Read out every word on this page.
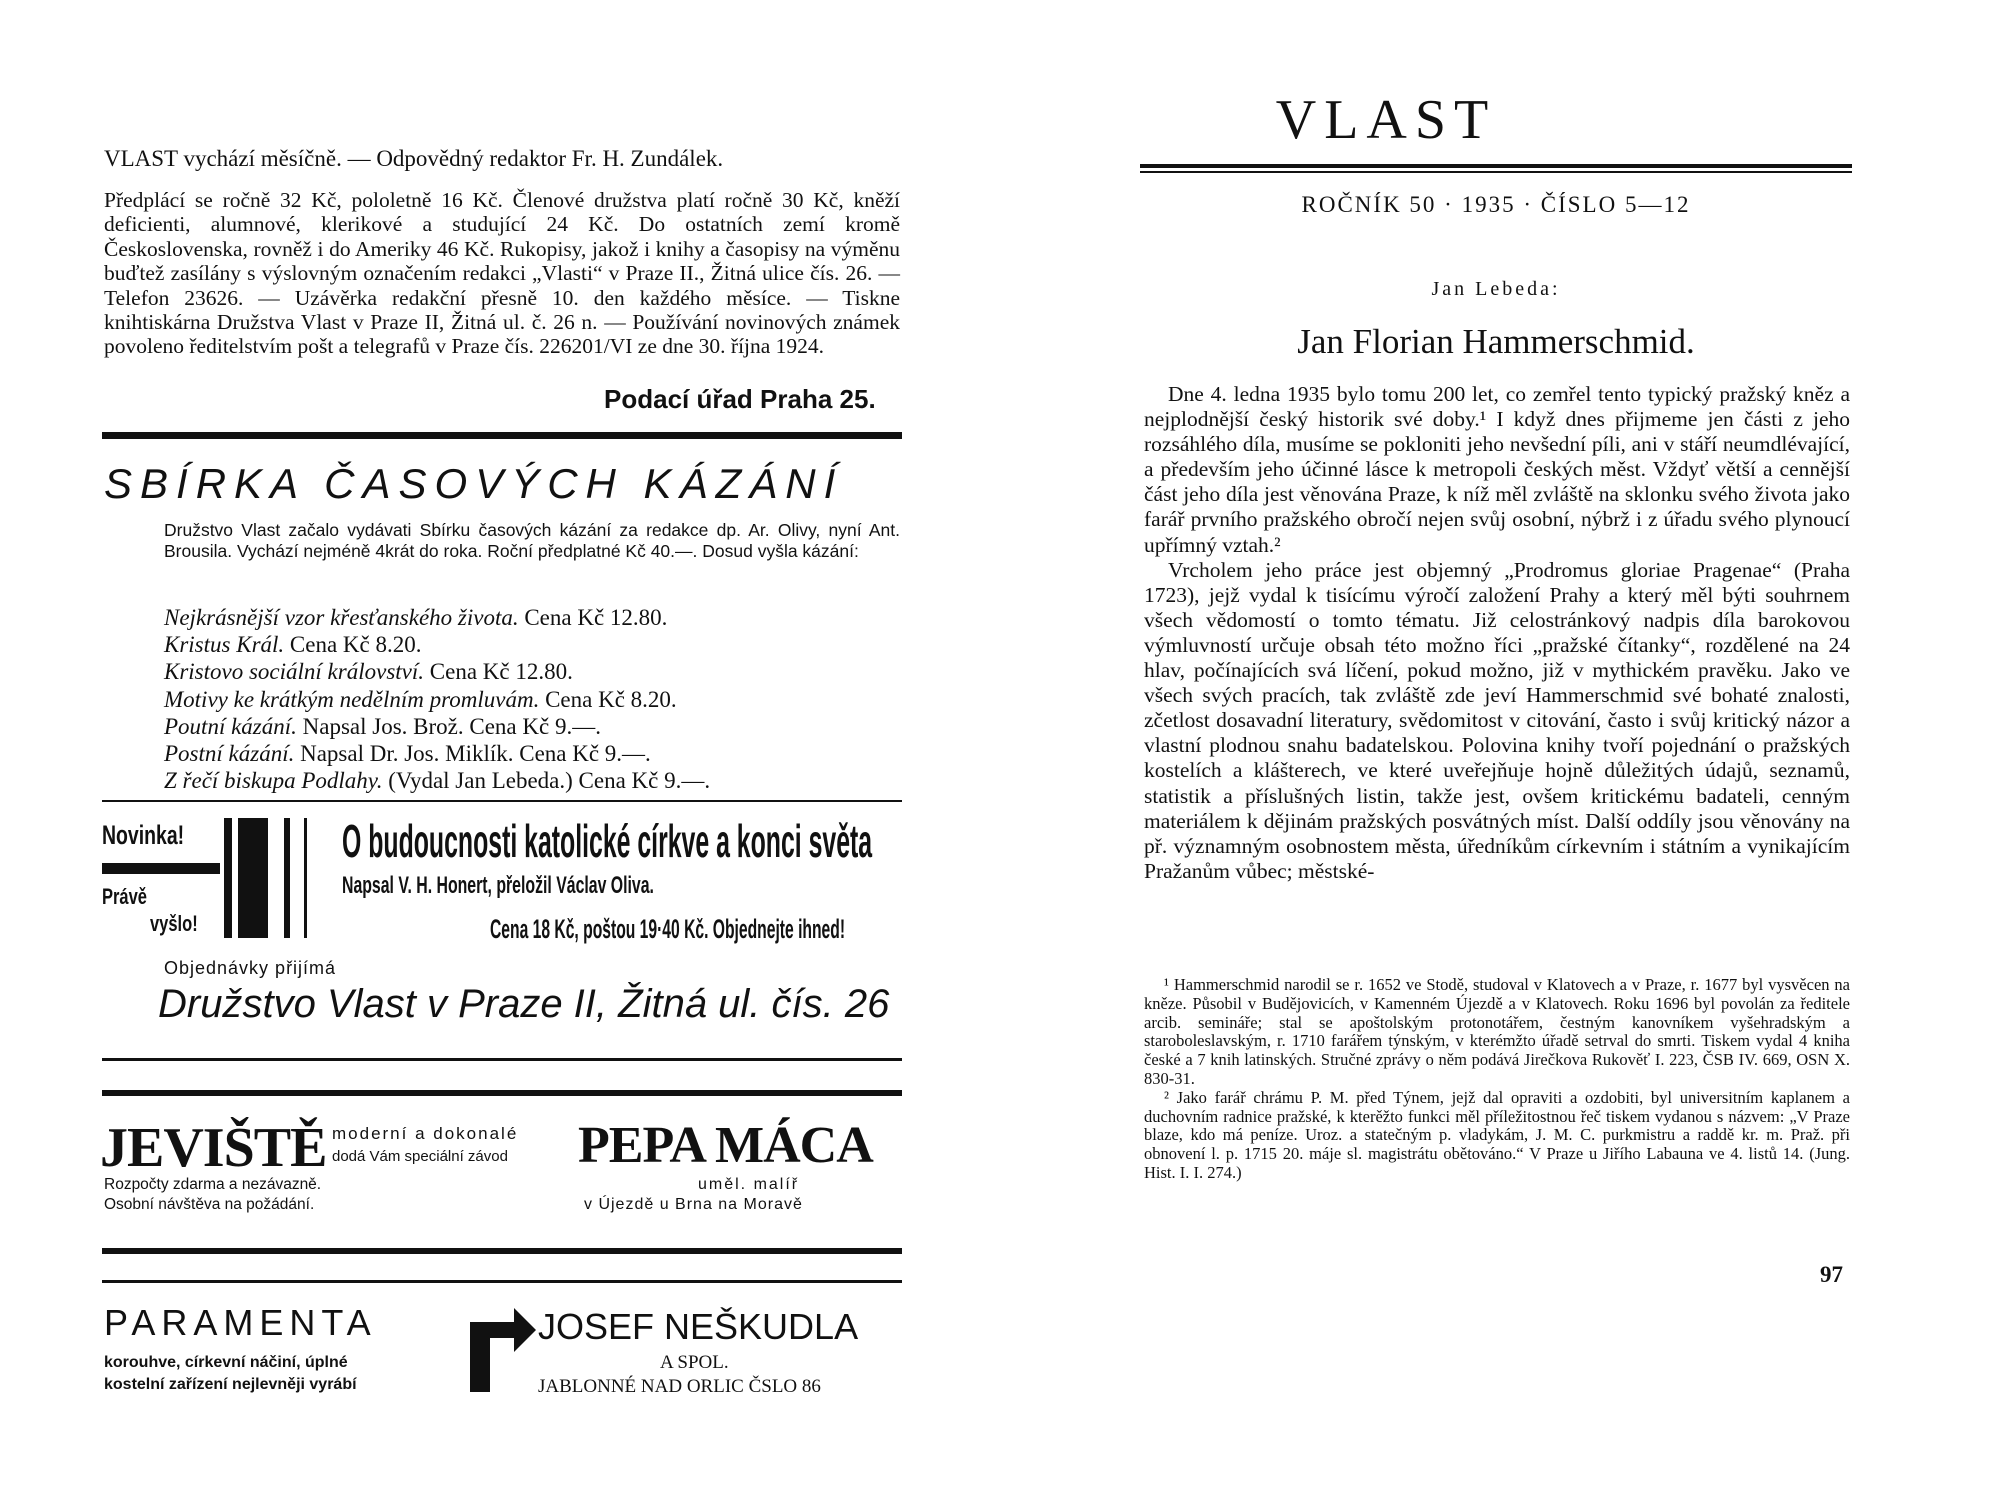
VLAST vychází měsíčně. — Odpovědný redaktor Fr. H. Zundálek.
Předplácí se ročně 32 Kč, pololetně 16 Kč. Členové družstva platí ročně 30 Kč, kněží deficienti, alumnové, klerikové a studující 24 Kč. Do ostatních zemí kromě Československa, rovněž i do Ameriky 46 Kč. Rukopisy, jakož i knihy a časopisy na výměnu buďtež zasílány s výslovným označením redakci „Vlasti“ v Praze II., Žitná ulice čís. 26. — Telefon 23626. — Uzávěrka redakční přesně 10. den každého měsíce. — Tiskne knihtiskárna Družstva Vlast v Praze II, Žitná ul. č. 26 n. — Používání novinových známek povoleno ředitelstvím pošt a telegrafů v Praze čís. 226201/VI ze dne 30. října 1924.
Podací úřad Praha 25.
SBÍRKA ČASOVÝCH KÁZÁNÍ
Družstvo Vlast začalo vydávati Sbírku časových kázání za redakce dp. Ar. Olivy, nyní Ant. Brousila. Vychází nejméně 4krát do roka. Roční předplatné Kč 40.—. Dosud vyšla kázání:
Nejkrásnější vzor křesťanského života. Cena Kč 12.80.
Kristus Král. Cena Kč 8.20.
Kristovo sociální království. Cena Kč 12.80.
Motivy ke krátkým nedělním promluvám. Cena Kč 8.20.
Poutní kázání. Napsal Jos. Brož. Cena Kč 9.—.
Postní kázání. Napsal Dr. Jos. Miklík. Cena Kč 9.—.
Z řečí biskupa Podlahy. (Vydal Jan Lebeda.) Cena Kč 9.—.
Novinka!
Právě
vyšlo!
O budoucnosti katolické církve a konci světa
Napsal V. H. Honert, přeložil Václav Oliva.
Cena 18 Kč, poštou 19·40 Kč. Objednejte ihned!
Objednávky přijímá
Družstvo Vlast v Praze II, Žitná ul. čís. 26
JEVIŠTĚ moderní a dokonalé
dodá Vám speciální závod PEPA MÁCA
Rozpočty zdarma a nezávazně.
Osobní návštěva na požádání.
uměl. malíř
v Újezdě u Brna na Moravě
PARAMENTA
korouhve, církevní náčiní, úplné
kostelní zařízení nejlevněji vyrábí
JOSEF NEŠKUDLA
A SPOL.
JABLONNÉ NAD ORLIC ČSLO 86
VLAST
ROČNÍK 50 · 1935 · ČÍSLO 5—12
Jan Lebeda:
Jan Florian Hammerschmid.

Dne 4. ledna 1935 bylo tomu 200 let, co zemřel tento typický pražský kněz a nejplodnější český historik své doby.¹ I když dnes přijmeme jen části z jeho rozsáhlého díla, musíme se pokloniti jeho nevšední píli, ani v stáří neumdlévající, a především jeho účinné lásce k metropoli českých měst. Vždyť větší a cennější část jeho díla jest věnována Praze, k níž měl zvláště na sklonku svého života jako farář prvního pražského obročí nejen svůj osobní, nýbrž i z úřadu svého plynoucí upřímný vztah.²

Vrcholem jeho práce jest objemný „Prodromus gloriae Pragenae“ (Praha 1723), jejž vydal k tisícímu výročí založení Prahy a který měl býti souhrnem všech vědomostí o tomto tématu. Již celostránkový nadpis díla barokovou výmluvností určuje obsah této možno říci „pražské čítanky“, rozdělené na 24 hlav, počínajících svá líčení, pokud možno, již v mythickém pravěku. Jako ve všech svých pracích, tak zvláště zde jeví Hammerschmid své bohaté znalosti, zčetlost dosavadní literatury, svědomitost v citování, často i svůj kritický názor a vlastní plodnou snahu badatelskou. Polovina knihy tvoří pojednání o pražských kostelích a klášterech, ve které uveřejňuje hojně důležitých údajů, seznamů, statistik a příslušných listin, takže jest, ovšem kritickému badateli, cenným materiálem k dějinám pražských posvátných míst. Další oddíly jsou věnovány na př. významným osobnostem města, úředníkům církevním i státním a vynikajícím Pražanům vůbec; městské-

¹ Hammerschmid narodil se r. 1652 ve Stodě, studoval v Klatovech a v Praze, r. 1677 byl vysvěcen na kněze. Působil v Budějovicích, v Kamenném Újezdě a v Klatovech. Roku 1696 byl povolán za ředitele arcib. semináře; stal se apoštolským protonotářem, čestným kanovníkem vyšehradským a staroboleslavským, r. 1710 farářem týnským, v kterémžto úřadě setrval do smrti. Tiskem vydal 4 kniha české a 7 knih latinských. Stručné zprávy o něm podává Jirečkova Rukověť I. 223, ČSB IV. 669, OSN X. 830-31.
² Jako farář chrámu P. M. před Týnem, jejž dal opraviti a ozdobiti, byl universitním kaplanem a duchovním radnice pražské, k kterěžto funkci měl příležitostnou řeč tiskem vydanou s názvem: „V Praze blaze, kdo má peníze. Uroz. a statečným p. vladykám, J. M. C. purkmistru a raddě kr. m. Praž. při obnovení l. p. 1715 20. máje sl. magistrátu obětováno.“ V Praze u Jiřího Labauna ve 4. listů 14. (Jung. Hist. I. I. 274.)
97
